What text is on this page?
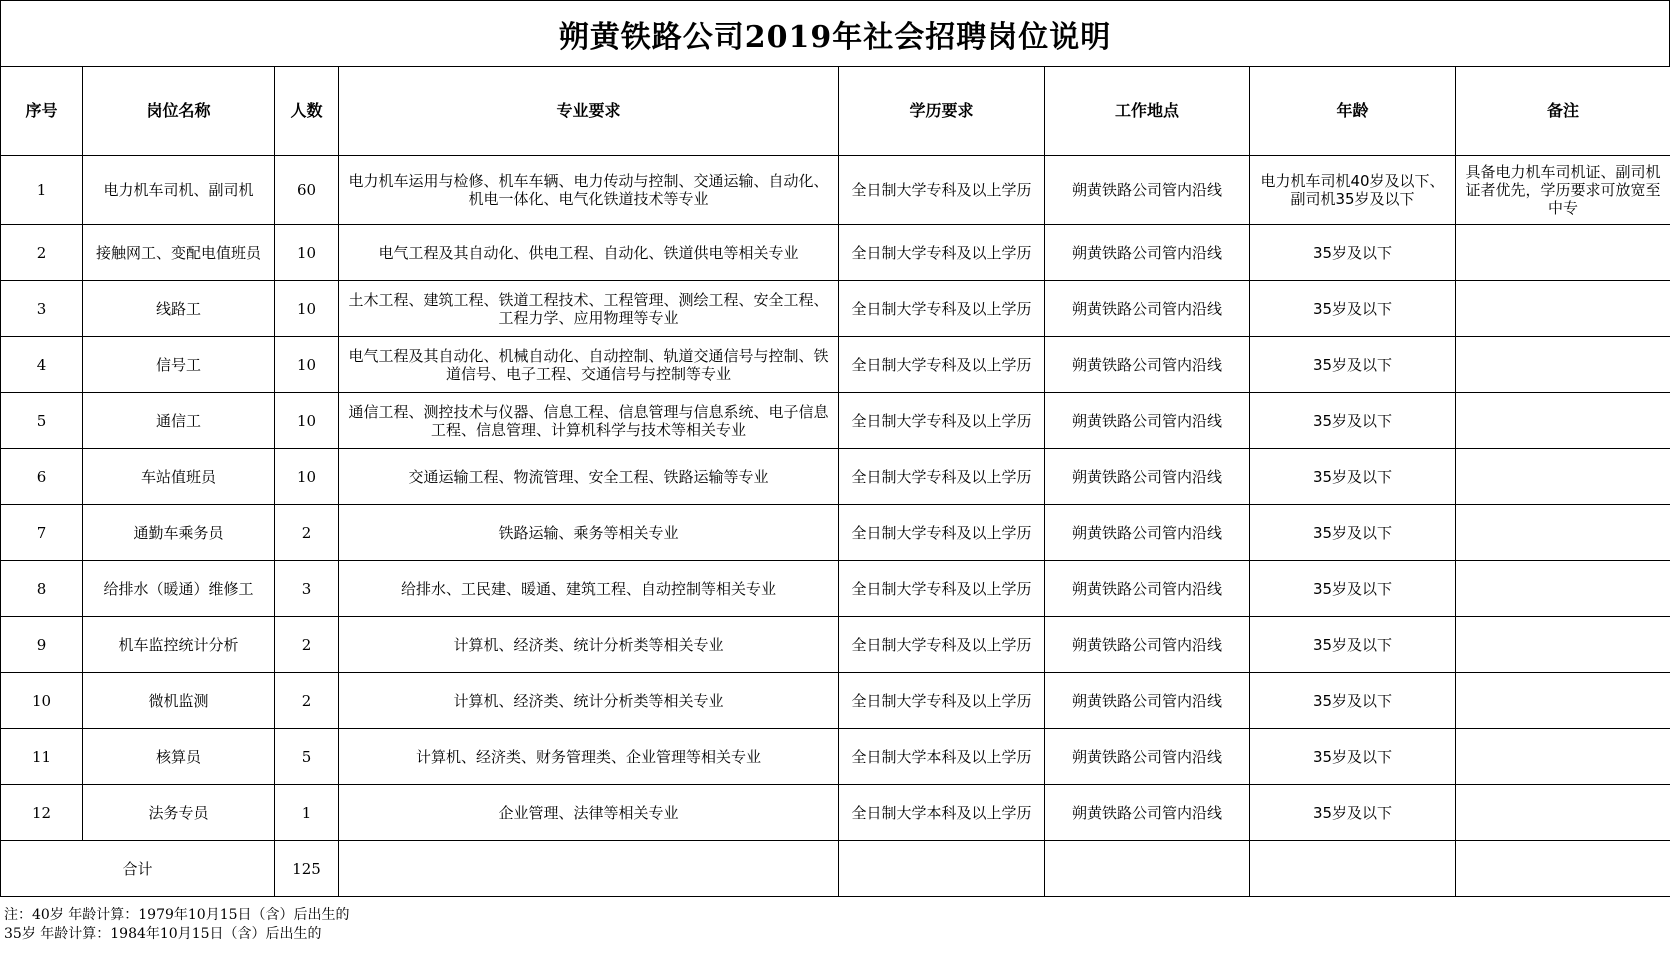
朔黄铁路公司2019年社会招聘岗位说明
序号	岗位名称	人数	专业要求	学历要求	工作地点	年龄	备注
1	电力机车司机、副司机	60	电力机车运用与检修、机车车辆、电力传动与控制、交通运输、自动化、机电一体化、电气化铁道技术等专业	全日制大学专科及以上学历	朔黄铁路公司管内沿线	电力机车司机40岁及以下、副司机35岁及以下	具备电力机车司机证、副司机证者优先，学历要求可放宽至中专
2	接触网工、变配电值班员	10	电气工程及其自动化、供电工程、自动化、铁道供电等相关专业	全日制大学专科及以上学历	朔黄铁路公司管内沿线	35岁及以下	
3	线路工	10	土木工程、建筑工程、铁道工程技术、工程管理、测绘工程、安全工程、工程力学、应用物理等专业	全日制大学专科及以上学历	朔黄铁路公司管内沿线	35岁及以下	
4	信号工	10	电气工程及其自动化、机械自动化、自动控制、轨道交通信号与控制、铁道信号、电子工程、交通信号与控制等专业	全日制大学专科及以上学历	朔黄铁路公司管内沿线	35岁及以下	
5	通信工	10	通信工程、测控技术与仪器、信息工程、信息管理与信息系统、电子信息工程、信息管理、计算机科学与技术等相关专业	全日制大学专科及以上学历	朔黄铁路公司管内沿线	35岁及以下	
6	车站值班员	10	交通运输工程、物流管理、安全工程、铁路运输等专业	全日制大学专科及以上学历	朔黄铁路公司管内沿线	35岁及以下	
7	通勤车乘务员	2	铁路运输、乘务等相关专业	全日制大学专科及以上学历	朔黄铁路公司管内沿线	35岁及以下	
8	给排水（暖通）维修工	3	给排水、工民建、暖通、建筑工程、自动控制等相关专业	全日制大学专科及以上学历	朔黄铁路公司管内沿线	35岁及以下	
9	机车监控统计分析	2	计算机、经济类、统计分析类等相关专业	全日制大学专科及以上学历	朔黄铁路公司管内沿线	35岁及以下	
10	微机监测	2	计算机、经济类、统计分析类等相关专业	全日制大学专科及以上学历	朔黄铁路公司管内沿线	35岁及以下	
11	核算员	5	计算机、经济类、财务管理类、企业管理等相关专业	全日制大学本科及以上学历	朔黄铁路公司管内沿线	35岁及以下	
12	法务专员	1	企业管理、法律等相关专业	全日制大学本科及以上学历	朔黄铁路公司管内沿线	35岁及以下	
合计		125					
注：40岁 年龄计算：1979年10月15日（含）后出生的
35岁 年龄计算：1984年10月15日（含）后出生的
